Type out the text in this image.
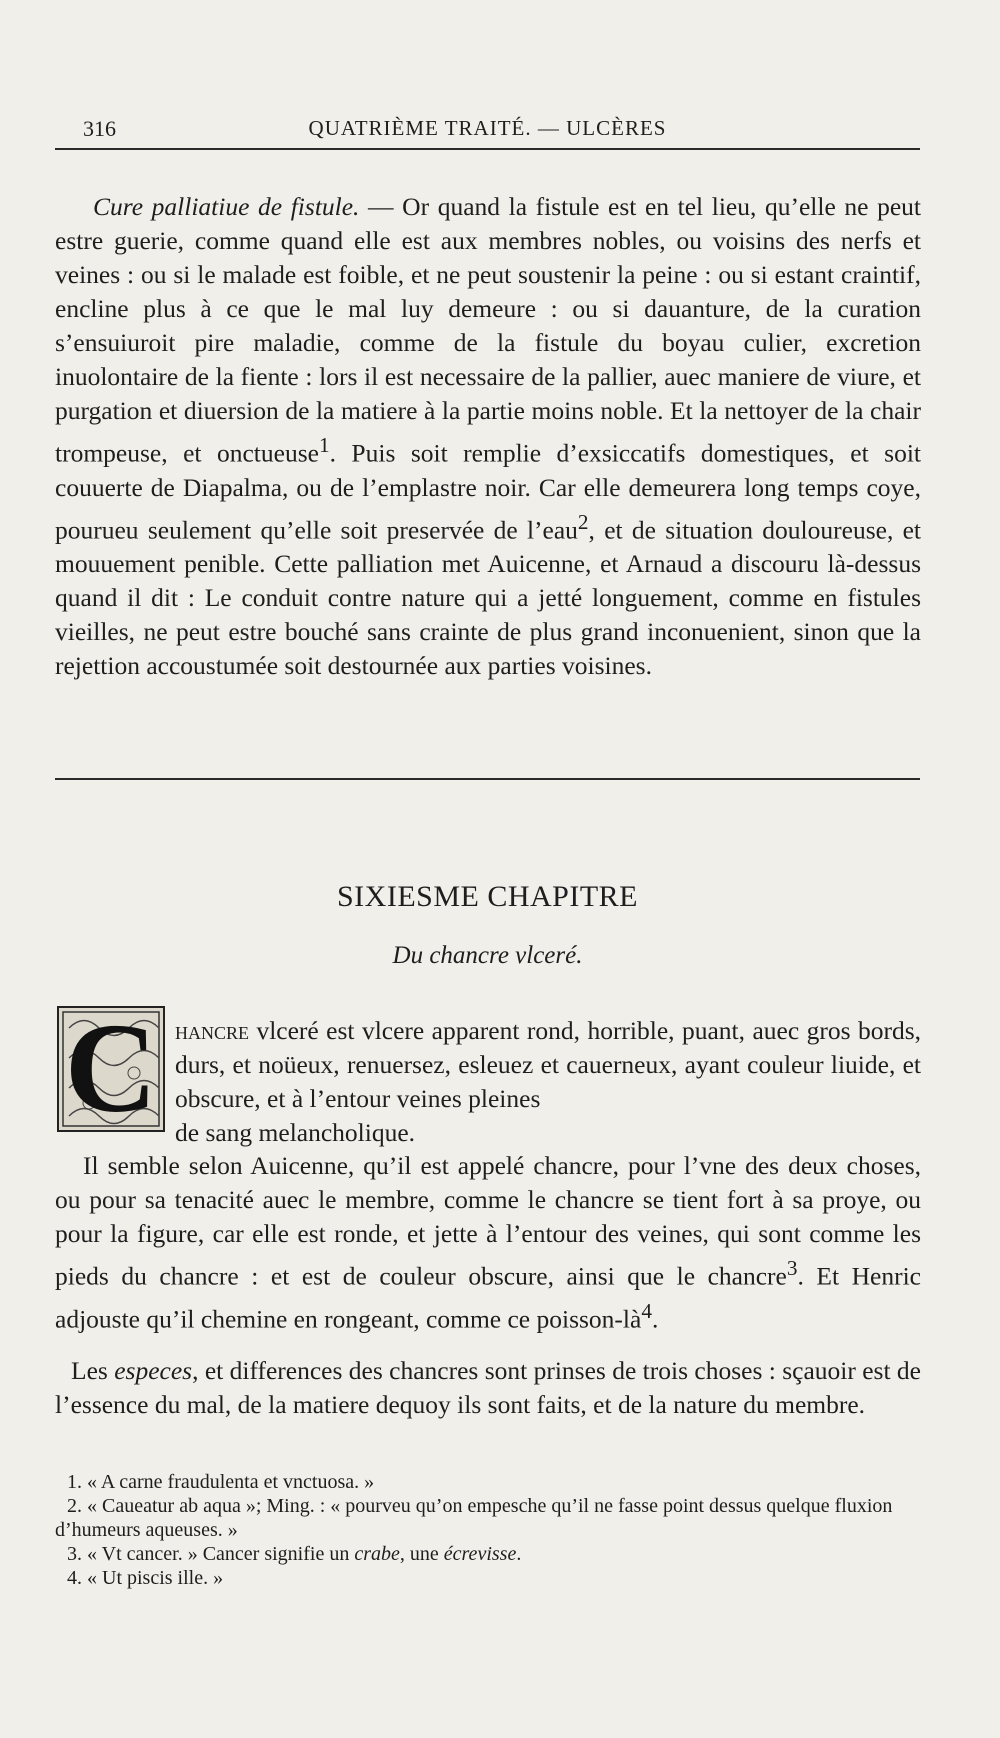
316	QUATRIÈME TRAITÉ. — ULCÈRES
Cure palliatiue de fistule. — Or quand la fistule est en tel lieu, qu’elle ne peut estre guerie, comme quand elle est aux membres nobles, ou voisins des nerfs et veines : ou si le malade est foible, et ne peut soustenir la peine : ou si estant craintif, encline plus à ce que le mal luy demeure : ou si dauanture, de la curation s’ensuiuroit pire maladie, comme de la fistule du boyau culier, excretion inuolontaire de la fiente : lors il est necessaire de la pallier, auec maniere de viure, et purgation et diuersion de la matiere à la partie moins noble. Et la nettoyer de la chair trompeuse, et onctueuse$^1$. Puis soit remplie d’exsiccatifs domestiques, et soit couuerte de Diapalma, ou de l’emplastre noir. Car elle demeurera long temps coye, pourueu seulement qu’elle soit preservée de l’eau$^2$, et de situation douloureuse, et mouuement penible. Cette palliation met Auicenne, et Arnaud a discouru là-dessus quand il dit : Le conduit contre nature qui a jetté longuement, comme en fistules vieilles, ne peut estre bouché sans crainte de plus grand inconuenient, sinon que la rejettion accoustumée soit destournée aux parties voisines.
SIXIESME CHAPITRE
Du chancre vlceré.
C hancre vlceré est vlcere apparent rond, horrible, puant, auec gros bords, durs, et noüeux, renuersez, esleuez et cauerneux, ayant couleur liuide, et obscure, et à l’entour veines pleines
de sang melancholique.
Il semble selon Auicenne, qu’il est appelé chancre, pour l’vne des deux choses, ou pour sa tenacité auec le membre, comme le chancre se tient fort à sa proye, ou pour la figure, car elle est ronde, et jette à l’entour des veines, qui sont comme les pieds du chancre : et est de couleur obscure, ainsi que le chancre$^3$. Et Henric adjouste qu’il chemine en rongeant, comme ce poisson-$là^4$.
Les especes, et differences des chancres sont prinses de trois choses : sçauoir est de l’essence du mal, de la matiere dequoy ils sont faits, et de la nature du membre.

1. « A carne fraudulenta et vnctuosa. »

2. « Caueatur ab aqua »; Ming. : « pourveu qu’on empesche qu’il ne fasse point dessus quelque fluxion d’humeurs aqueuses. »

3. « Vt cancer. » Cancer signifie un crabe, une écrevisse.

4. « Ut piscis ille. »
